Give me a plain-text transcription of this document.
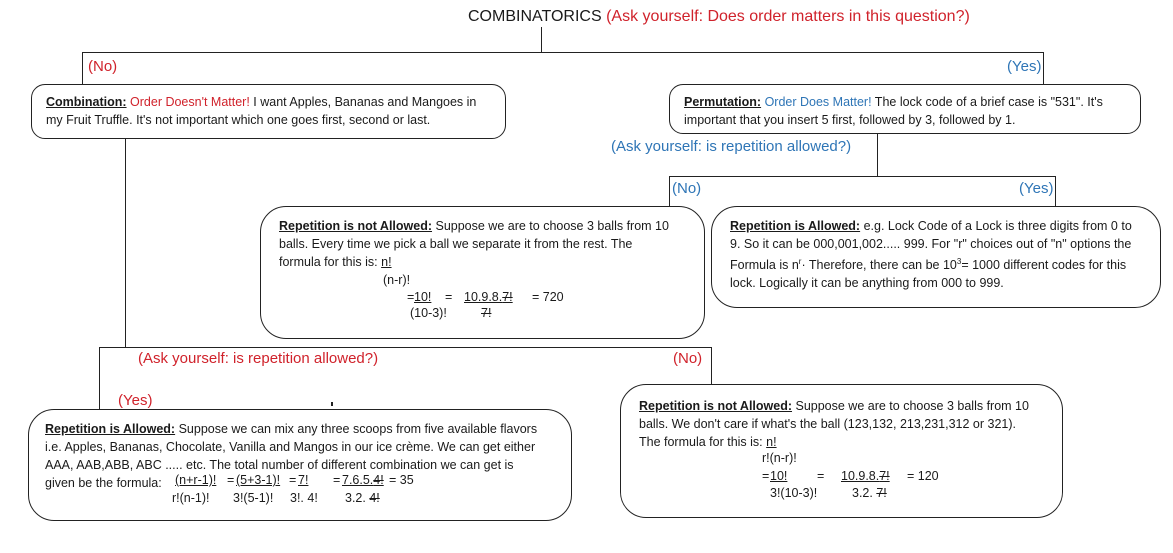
COMBINATORICS (Ask yourself: Does order matters in this question?)
(No)	(Yes)
Combination: Order Doesn't Matter! I want Apples, Bananas and Mangoes in my Fruit Truffle. It's not important which one goes first, second or last.
Permutation: Order Does Matter! The lock code of a brief case is "531". It's important that you insert 5 first, followed by 3, followed by 1.
(Ask yourself: is repetition allowed?)
(No)	(Yes)
Repetition is not Allowed: Suppose we are to choose 3 balls from 10 balls. Every time we pick a ball we separate it from the rest. The
formula for this is: n!
(n-r)!
= 10!	=
(10-3)!
10.9.8.7!
7!
= 720
Repetition is Allowed: e.g. Lock Code of a Lock is three digits from 0 to 9. So it can be 000,001,002..... 999. For "r" choices out of "n" options the Formula is $n^r\cdot$ Therefore, there can be $10^3= 1000$ different codes for this lock. Logically it can be anything from 000 to 999.
(Ask yourself: is repetition allowed?)
(Yes)
(No)
Repetition is Allowed: Suppose we can mix any three scoops from five available flavors i.e. Apples, Bananas, Chocolate, Vanilla and Mangos in our ice crème. We can get either AAA, AAB,ABB, ABC ..... etc. The total number of different combination we can get is
given be the formula:	(n+r-1)! = (5+3-1)! = 7!	= 7.6.5.4! = 35
r!(n-1)! 3!(5-1)! 3!. 4! 3.2. 4!
Repetition is not Allowed: Suppose we are to choose 3 balls from 10 balls. We don't care if what's the ball (123,132, 213,231,312 or 321).
The formula for this is: n!
r!(n-r)!
= 10!	=
3!(10-3)!
10.9.8.7! = 120
3.2. 7!
